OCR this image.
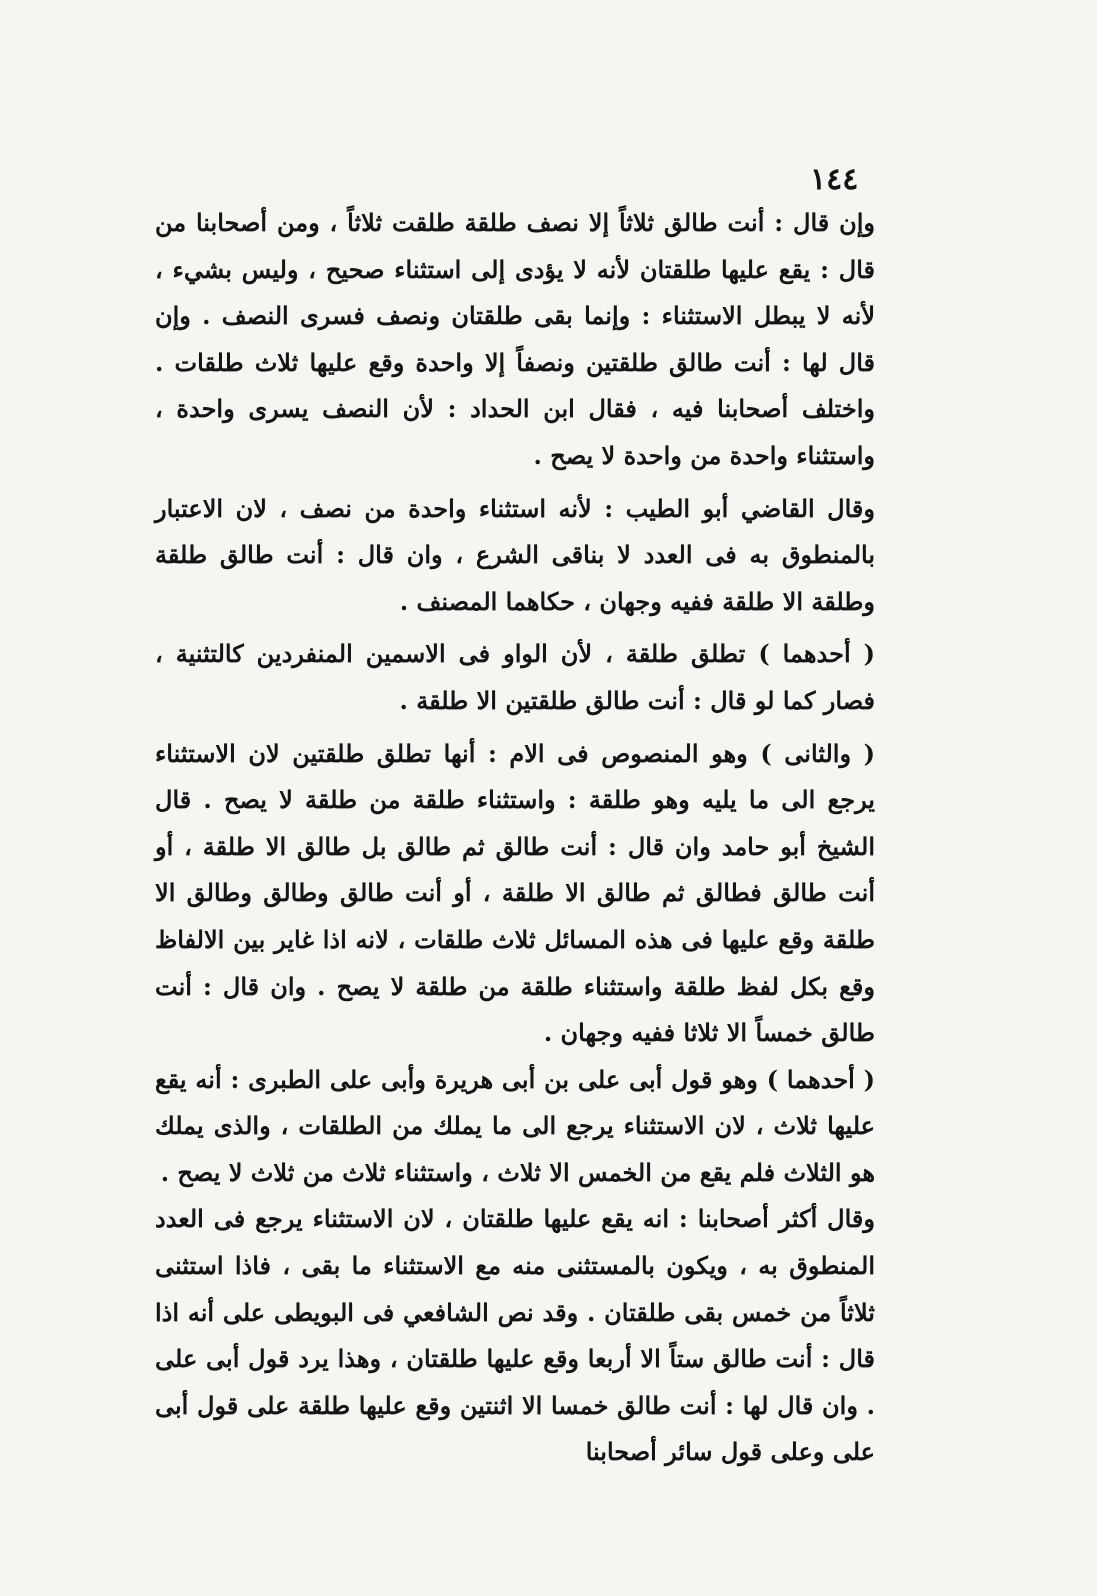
١٤٤

وإن قال : أنت طالق ثلاثاً إلا نصف طلقة طلقت ثلاثاً ، ومن أصحابنا من قال : يقع عليها طلقتان لأنه لا يؤدى إلى استثناء صحيح ، وليس بشيء ، لأنه لا يبطل الاستثناء : وإنما بقى طلقتان ونصف فسرى النصف . وإن قال لها : أنت طالق طلقتين ونصفاً إلا واحدة وقع عليها ثلاث طلقات . واختلف أصحابنا فيه ، فقال ابن الحداد : لأن النصف يسرى واحدة ، واستثناء واحدة من واحدة لا يصح .

وقال القاضي أبو الطيب : لأنه استثناء واحدة من نصف ، لان الاعتبار بالمنطوق به فى العدد لا بناقى الشرع ، وان قال : أنت طالق طلقة وطلقة الا طلقة ففيه وجهان ، حكاهما المصنف .

( أحدهما ) تطلق طلقة ، لأن الواو فى الاسمين المنفردين كالتثنية ، فصار كما لو قال : أنت طالق طلقتين الا طلقة .

( والثانى ) وهو المنصوص فى الام : أنها تطلق طلقتين لان الاستثناء يرجع الى ما يليه وهو طلقة : واستثناء طلقة من طلقة لا يصح . قال الشيخ أبو حامد وان قال : أنت طالق ثم طالق بل طالق الا طلقة ، أو أنت طالق فطالق ثم طالق الا طلقة ، أو أنت طالق وطالق وطالق الا طلقة وقع عليها فى هذه المسائل ثلاث طلقات ، لانه اذا غاير بين الالفاظ وقع بكل لفظ طلقة واستثناء طلقة من طلقة لا يصح . وان قال : أنت طالق خمساً الا ثلاثا ففيه وجهان .

( أحدهما ) وهو قول أبى على بن أبى هريرة وأبى على الطبرى : أنه يقع عليها ثلاث ، لان الاستثناء يرجع الى ما يملك من الطلقات ، والذى يملك هو الثلاث فلم يقع من الخمس الا ثلاث ، واستثناء ثلاث من ثلاث لا يصح .

وقال أكثر أصحابنا : انه يقع عليها طلقتان ، لان الاستثناء يرجع فى العدد المنطوق به ، ويكون بالمستثنى منه مع الاستثناء ما بقى ، فاذا استثنى ثلاثاً من خمس بقى طلقتان . وقد نص الشافعي فى البويطى على أنه اذا قال : أنت طالق ستاً الا أربعا وقع عليها طلقتان ، وهذا يرد قول أبى على . وان قال لها : أنت طالق خمسا الا اثنتين وقع عليها طلقة على قول أبى على وعلى قول سائر أصحابنا
